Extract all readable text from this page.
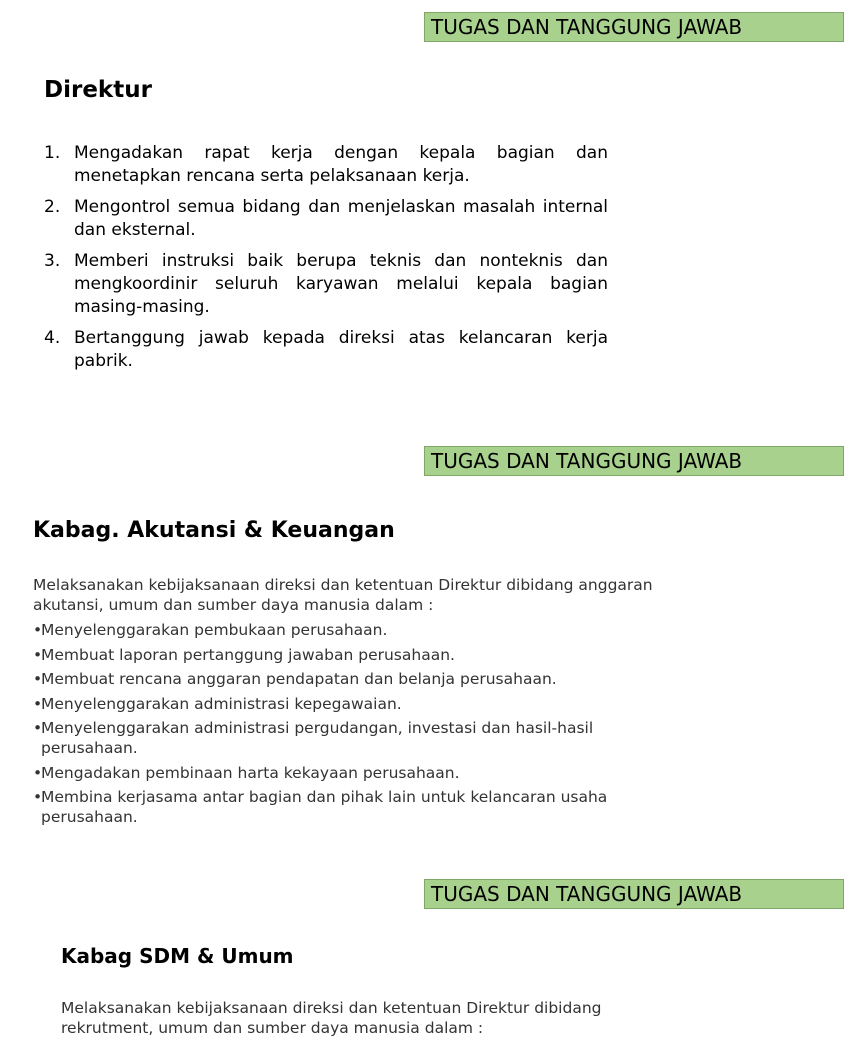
TUGAS DAN TANGGUNG JAWAB
Direktur
1. Mengadakan rapat kerja dengan kepala bagian dan menetapkan rencana serta pelaksanaan kerja.
2. Mengontrol semua bidang dan menjelaskan masalah internal dan eksternal.
3. Memberi instruksi baik berupa teknis dan nonteknis dan mengkoordinir seluruh karyawan melalui kepala bagian masing-masing.
4. Bertanggung jawab kepada direksi atas kelancaran kerja pabrik.
TUGAS DAN TANGGUNG JAWAB
Kabag. Akutansi & Keuangan

Melaksanakan kebijaksanaan direksi dan ketentuan Direktur dibidang anggaran akutansi, umum dan sumber daya manusia dalam :

•
Menyelenggarakan pembukaan perusahaan.
•
Membuat laporan pertanggung jawaban perusahaan.
•
Membuat rencana anggaran pendapatan dan belanja perusahaan.
•
Menyelenggarakan administrasi kepegawaian.
•
Menyelenggarakan administrasi pergudangan, investasi dan hasil-hasil perusahaan.
•
Mengadakan pembinaan harta kekayaan perusahaan.
•
Membina kerjasama antar bagian dan pihak lain untuk kelancaran usaha perusahaan.
TUGAS DAN TANGGUNG JAWAB
Kabag SDM & Umum

Melaksanakan kebijaksanaan direksi dan ketentuan Direktur dibidang rekrutment, umum dan sumber daya manusia dalam :
